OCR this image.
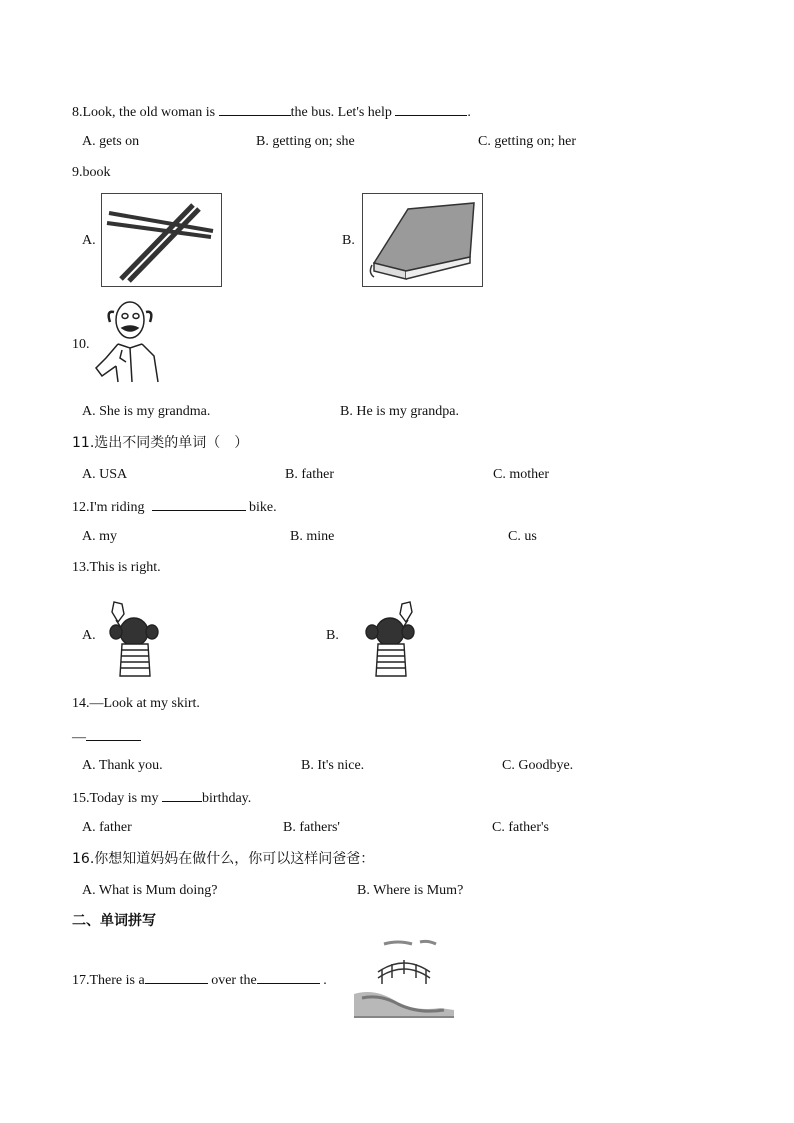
8.Look, the old woman is	the bus. Let's help	.
A. gets on	B. getting on; she	C. getting on; her
9.book
A.	B.
10.
A. She is my grandma.	B. He is my grandpa.
11.选出不同类的单词（　）
A. USA	B. father	C. mother
12.I'm riding	bike.
A. my	B. mine	C. us
13.This is right.
A.	B.
14.—Look at my skirt.
—
A. Thank you.	B. It's nice.	C. Goodbye.
15.Today is my	birthday.
A. father	B. fathers'	C. father's
16.你想知道妈妈在做什么，你可以这样问爸爸：
A. What is Mum doing?	B. Where is Mum?
二、单词拼写
17.There is a	over the	.
